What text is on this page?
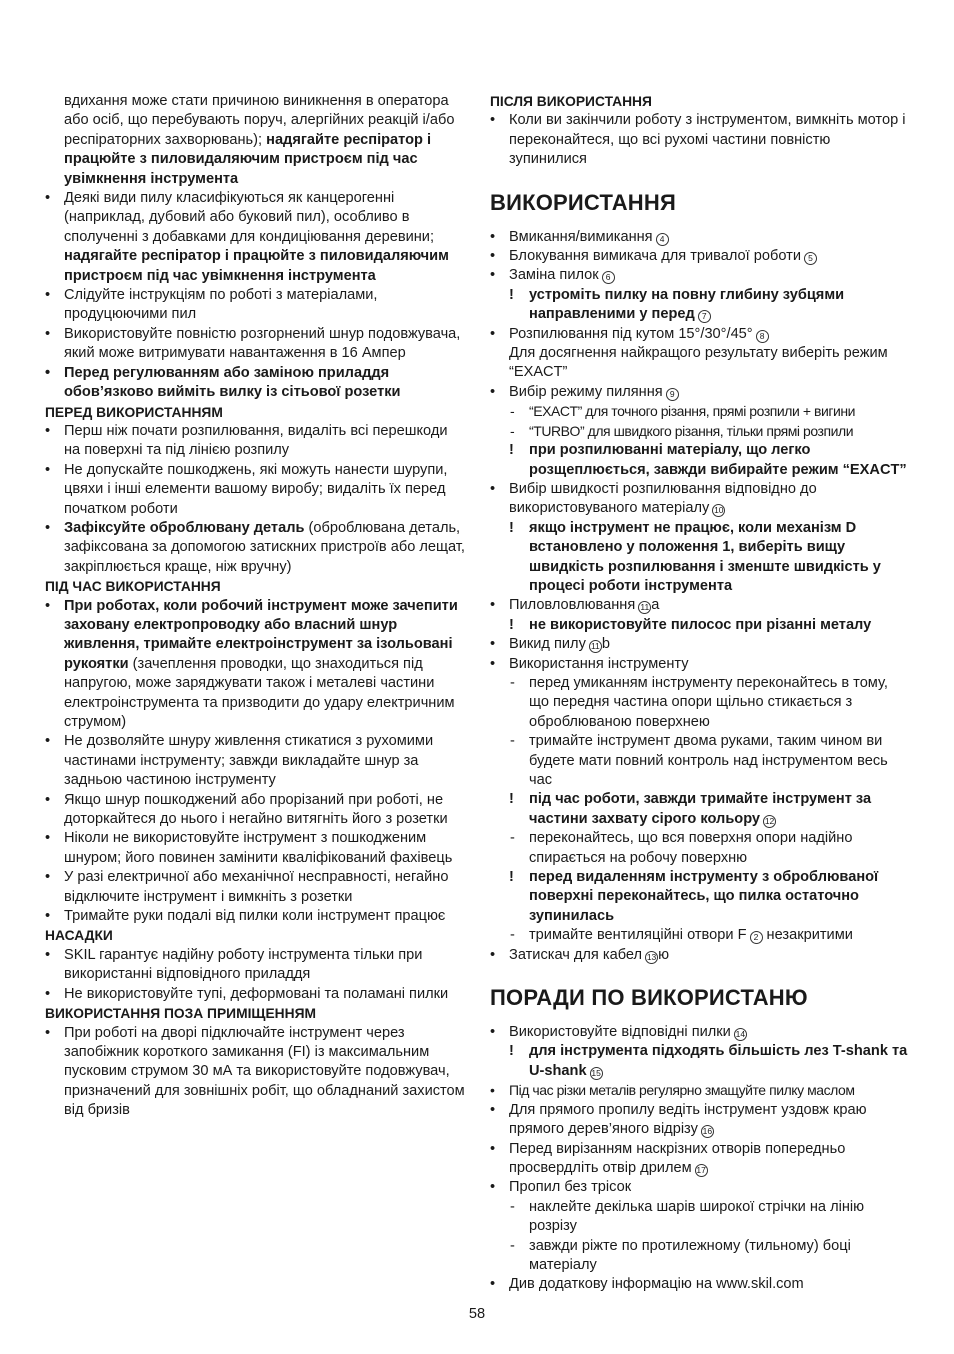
вдихання може стати причиною виникнення в оператора або осіб, що перебувають поруч, алергійних реакцій і/або респіраторних захворювань); надягайте респіратор і працюйте з пиловидаляючим пристроєм під час увімкнення інструмента

• Деякі види пилу класифікуються як канцерогенні (наприклад, дубовий або буковий пил), особливо в сполученні з добавками для кондиціювання деревини; надягайте респіратор і працюйте з пиловидаляючим пристроєм під час увімкнення інструмента

• Слідуйте інструкціям по роботі з матеріалами, продуцюючими пил

• Використовуйте повністю розгорнений шнур подовжувача, який може витримувати навантаження в 16 Ампер

• Перед регулюванням або заміною приладдя обов’язково вийміть вилку із сітьової розетки

ПЕРЕД ВИКОРИСТАННЯМ

• Перш ніж почати розпилювання, видаліть всі перешкоди на поверхні та під лінією розпилу

• Не допускайте пошкоджень, які можуть нанести шурупи, цвяхи і інші елементи вашому виробу; видаліть їх перед початком роботи

• Зафіксуйте оброблювану деталь (оброблювана деталь, зафіксована за допомогою затискних пристроїв або лещат, закріплюється краще, ніж вручну)

ПІД ЧАС ВИКОРИСТАННЯ

• При роботах, коли робочий інструмент може зачепити заховану електропроводку або власний шнур живлення, тримайте електроінструмент за ізольовані рукоятки (зачеплення проводки, що знаходиться під напругою, може заряджувати також і металеві частини електроінструмента та призводити до удару електричним струмом)

• Не дозволяйте шнуру живлення стикатися з рухомими частинами інструменту; завжди викладайте шнур за задньою частиною інструменту

• Якщо шнур пошкоджений або прорізаний при роботі, не доторкайтеся до нього і негайно витягніть його з розетки

• Ніколи не використовуйте інструмент з пошкодженим шнуром; його повинен замінити кваліфікований фахівець

• У разі електричної або механічної несправності, негайно відключите інструмент і вимкніть з розетки

• Тримайте руки подалі від пилки коли інструмент працює

НАСАДКИ

• SKIL гарантує надійну роботу інструмента тільки при використанні відповідного приладдя

• Не використовуйте тупі, деформовані та поламані пилки

ВИКОРИСТАННЯ ПОЗА ПРИМІЩЕННЯМ

• При роботі на дворі підключайте інструмент через запобіжник короткого замикання (FI) із максимальним пусковим струмом 30 мА та використовуйте подовжувач, призначений для зовнішніх робіт, що обладнаний захистом від бризів

ПІСЛЯ ВИКОРИСТАННЯ

• Коли ви закінчили роботу з інструментом, вимкніть мотор і переконайтеся, що всі рухомі частини повністю зупинилися

ВИКОРИСТАННЯ

• Вмикання/вимикання 4

• Блокування вимикача для тривалої роботи 5

• Заміна пилок 6

! устроміть пилку на повну глибину зубцями направленими у перед 7

• Розпилювання під кутом 15°/30°/45° 8

Для досягнення найкращого результату виберіть режим “EXACT”

• Вибір режиму пиляння 9

- “EXACT” для точного різання, прямі розпили + вигини

- “TURBO” для швидкого різання, тільки прямі розпили

! при розпилюванні матеріалу, що легко розщеплюється, завжди вибирайте режим “EXACT”

• Вибір швидкості розпилювання відповідно до використовуваного матеріалу 10

! якщо інструмент не працює, коли механізм D встановлено у положення 1, виберіть вищу швидкість розпилювання і зменште швидкість у процесі роботи інструмента

• Пиловловлювання 11 a

! не використовуйте пилосос при різанні металу

• Викид пилу 11 b

• Використання інструменту

- перед умиканням інструменту переконайтесь в тому, що передня частина опори щільно стикається з оброблюваною поверхнею

- тримайте інструмент двома руками, таким чином ви будете мати повний контроль над інструментом весь час

! під час роботи, завжди тримайте інструмент за частини захвату сірого кольору 12

- переконайтесь, що вся поверхня опори надійно спирається на робочу поверхню

! перед видаленням інструменту з оброблюваної поверхні переконайтесь, що пилка остаточно зупинилась

- тримайте вентиляційні отвори F 2 незакритими

• Затискач для кабел 13 ю

ПОРАДИ ПО ВИКОРИСТАНЮ

• Використовуйте відповідні пилки 14

! для інструмента підходять більшість лез T-shank та U-shank 15

• Під час різки металів регулярно змащуйте пилку маслом

• Для прямого пропилу ведіть інструмент уздовж краю прямого дерев’яного відрізу 16

• Перед вирізанням наскрізних отворів попередньо просвердліть отвір дрилем 17

• Пропил без трісок

- наклейте декілька шарів широкої стрічки на лінію розрізу

- завжди ріжте по протилежному (тильному) боці матеріалу

• Див додаткову інформацію на www.skil.com

58
